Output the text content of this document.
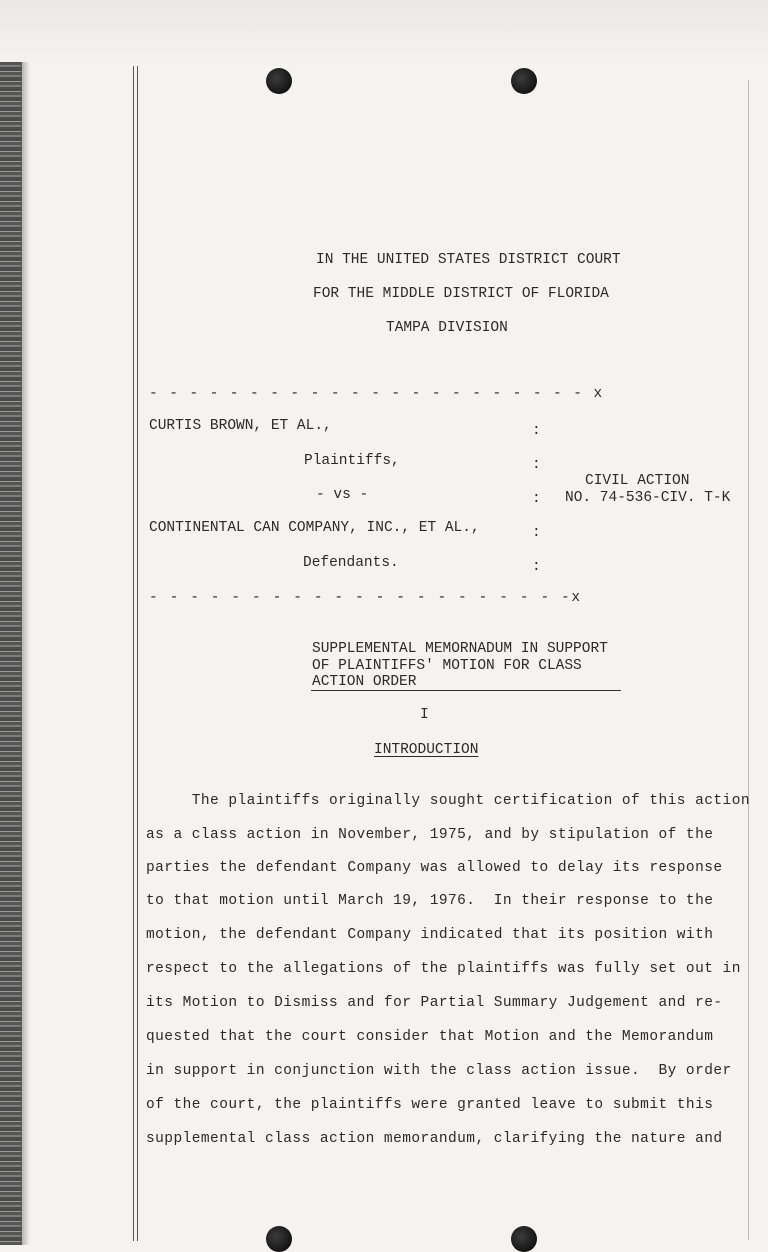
IN THE UNITED STATES DISTRICT COURT
FOR THE MIDDLE DISTRICT OF FLORIDA
TAMPA DIVISION
- - - - - - - - - - - - - - - - - - - - - - x
CURTIS BROWN, ET AL.,
Plaintiffs,
- vs -
CONTINENTAL CAN COMPANY, INC., ET AL.,
Defendants.
- - - - - - - - - - - - - - - - - - - - -x
:
:
:
:
:
CIVIL ACTION
NO. 74-536-CIV. T-K
SUPPLEMENTAL MEMORNADUM IN SUPPORT
OF PLAINTIFFS' MOTION FOR CLASS
ACTION ORDER
I
INTRODUCTION
The plaintiffs originally sought certification of this action
as a class action in November, 1975, and by stipulation of the
parties the defendant Company was allowed to delay its response
to that motion until March 19, 1976.  In their response to the
motion, the defendant Company indicated that its position with
respect to the allegations of the plaintiffs was fully set out in
its Motion to Dismiss and for Partial Summary Judgement and re-
quested that the court consider that Motion and the Memorandum
in support in conjunction with the class action issue.  By order
of the court, the plaintiffs were granted leave to submit this
supplemental class action memorandum, clarifying the nature and
